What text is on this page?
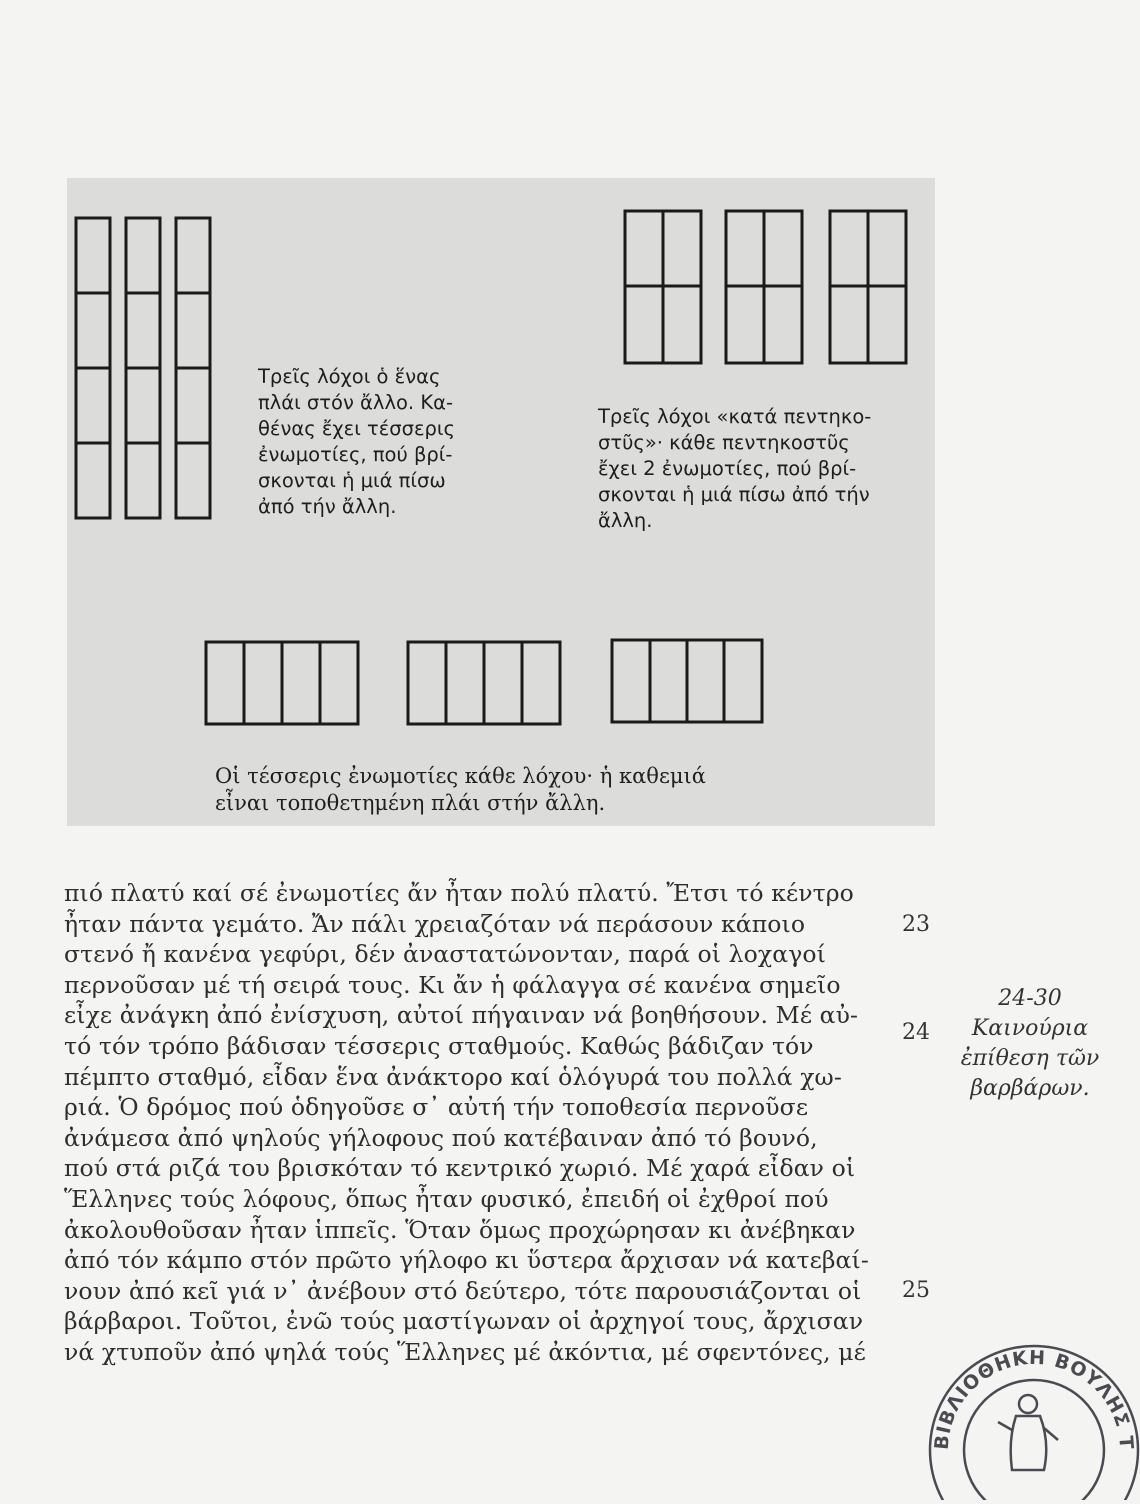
Τρεῖς λόχοι ὁ ἕνας
πλάι στόν ἄλλο. Κα-
θένας ἔχει τέσσερις
ἐνωμοτίες, πού βρί-
σκονται ἡ μιά πίσω
ἀπό τήν ἄλλη.
Τρεῖς λόχοι «κατά πεντηκο-
στῦς»· κάθε πεντηκοστῦς
ἔχει 2 ἐνωμοτίες, πού βρί-
σκονται ἡ μιά πίσω ἀπό τήν
ἄλλη.
Οἱ τέσσερις ἐνωμοτίες κάθε λόχου· ἡ καθεμιά
εἶναι τοποθετημένη πλάι στήν ἄλλη.
πιό πλατύ καί σέ ἐνωμοτίες ἄν ἦταν πολύ πλατύ. Ἔτσι τό κέντρο
ἦταν πάντα γεμάτο. Ἄν πάλι χρειαζόταν νά περάσουν κάποιο
στενό ἤ κανένα γεφύρι, δέν ἀναστατώνονταν, παρά οἱ λοχαγοί
περνοῦσαν μέ τή σειρά τους. Κι ἄν ἡ φάλαγγα σέ κανένα σημεῖο
εἶχε ἀνάγκη ἀπό ἐνίσχυση, αὐτοί πήγαιναν νά βοηθήσουν. Μέ αὐ-
τό τόν τρόπο βάδισαν τέσσερις σταθμούς. Καθώς βάδιζαν τόν
πέμπτο σταθμό, εἶδαν ἕνα ἀνάκτορο καί ὁλόγυρά του πολλά χω-
ριά. Ὁ δρόμος πού ὁδηγοῦσε σ᾿ αὐτή τήν τοποθεσία περνοῦσε
ἀνάμεσα ἀπό ψηλούς γήλοφους πού κατέβαιναν ἀπό τό βουνό,
πού στά ριζά του βρισκόταν τό κεντρικό χωριό. Μέ χαρά εἶδαν οἱ
Ἕλληνες τούς λόφους, ὅπως ἦταν φυσικό, ἐπειδή οἱ ἐχθροί πού
ἀκολουθοῦσαν ἦταν ἱππεῖς. Ὅταν ὅμως προχώρησαν κι ἀνέβηκαν
ἀπό τόν κάμπο στόν πρῶτο γήλοφο κι ὕστερα ἄρχισαν νά κατεβαί-
νουν ἀπό κεῖ γιά ν᾿ ἀνέβουν στό δεύτερο, τότε παρουσιάζονται οἱ
βάρβαροι. Τοῦτοι, ἐνῶ τούς μαστίγωναν οἱ ἀρχηγοί τους, ἄρχισαν
νά χτυποῦν ἀπό ψηλά τούς Ἕλληνες μέ ἀκόντια, μέ σφεντόνες, μέ
23
24
25
24-30
Καινούρια
ἐπίθεση τῶν
βαρβάρων.
ΒΙΒΛΙΟΘΗΚΗ ΒΟΥΛΗΣ Τ
